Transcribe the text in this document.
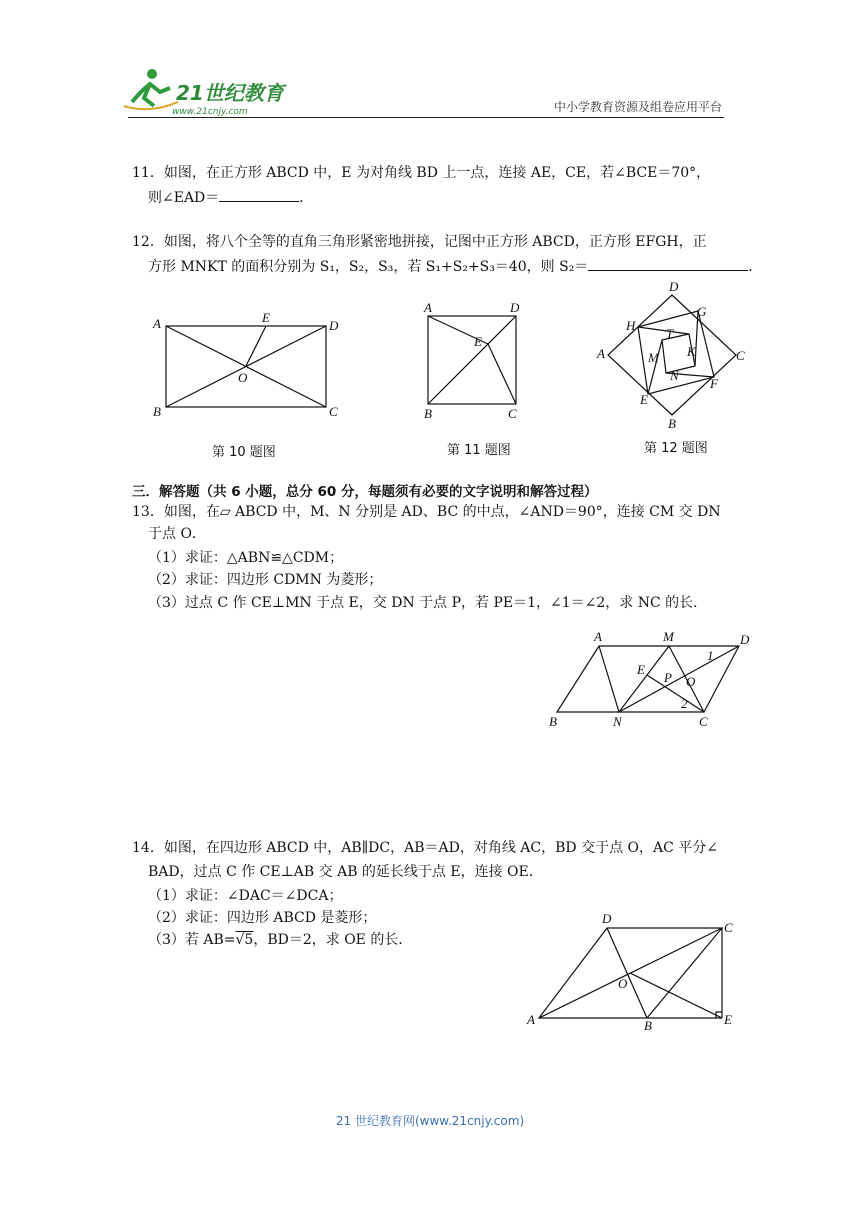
21世纪教育
www.21cnjy.com	中小学教育资源及组卷应用平台
11．如图，在正方形 ABCD 中，E 为对角线 BD 上一点，连接 AE，CE，若∠BCE＝70°，
则∠EAD＝	．
12．如图，将八个全等的直角三角形紧密地拼接，记图中正方形 ABCD，正方形 EFGH，正
方形 MNKT 的面积分别为 S₁，S₂，S₃，若 S₁+S₂+S₃＝40，则 S₂＝	．
A
B	C
D
E
O
第 10 题图
A
B	C
D
E
第 11 题图
D
A	C
B
H
G
F
E
T
M K
N
第 12 题图
三．解答题（共 6 小题，总分 60 分，每题须有必要的文字说明和解答过程）
13．如图，在▱ ABCD 中，M、N 分别是 AD、BC 的中点，∠AND＝90°，连接 CM 交 DN
于点 O．
（1）求证：△ABN≌△CDM；
（2）求证：四边形 CDMN 为菱形；
（3）过点 C 作 CE⊥MN 于点 E，交 DN 于点 P，若 PE＝1，∠1＝∠2，求 NC 的长．
A	M	D
B	N	C
E
P O
1
2
14．如图，在四边形 ABCD 中，AB∥DC，AB＝AD，对角线 AC，BD 交于点 O，AC 平分∠
BAD，过点 C 作 CE⊥AB 交 AB 的延长线于点 E，连接 OE．
（1）求证：∠DAC＝∠DCA；
（2）求证：四边形 ABCD 是菱形；
（3）若 AB=√5，BD＝2，求 OE 的长．
A	B
C
D
E
O
21 世纪教育网(www.21cnjy.com)
